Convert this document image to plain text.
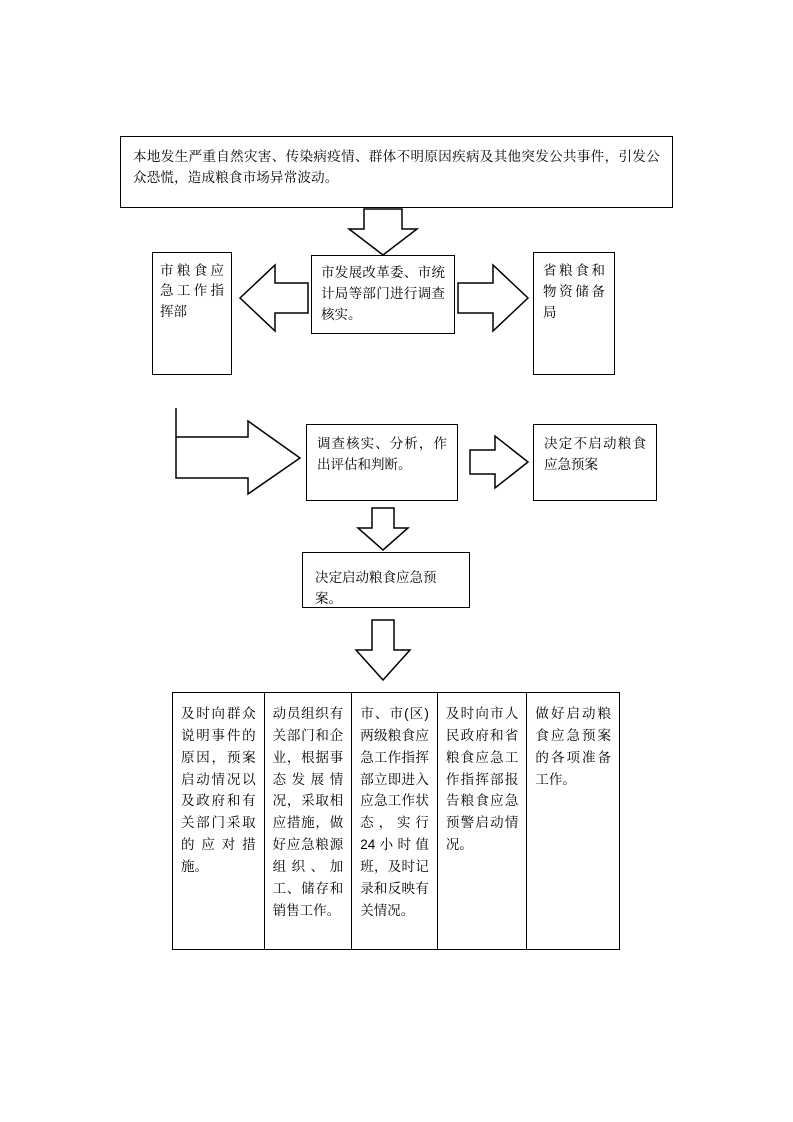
本地发生严重自然灾害、传染病疫情、群体不明原因疾病及其他突发公共事件，引发公众恐慌，造成粮食市场异常波动。
市粮食应急工作指挥部
市发展改革委、市统计局等部门进行调查核实。
省粮食和物资储备局
调查核实、分析，作出评估和判断。
决定不启动粮食应急预案
决定启动粮食应急预案。
及时向群众说明事件的原因，预案启动情况以及政府和有关部门采取的应对措施。
动员组织有关部门和企业，根据事态发展情况，采取相应措施，做好应急粮源组织、加工、储存和销售工作。
市、市(区)两级粮食应急工作指挥部立即进入应急工作状态，实行24小时值班，及时记录和反映有关情况。
及时向市人民政府和省粮食应急工作指挥部报告粮食应急预警启动情况。
做好启动粮食应急预案的各项准备工作。
